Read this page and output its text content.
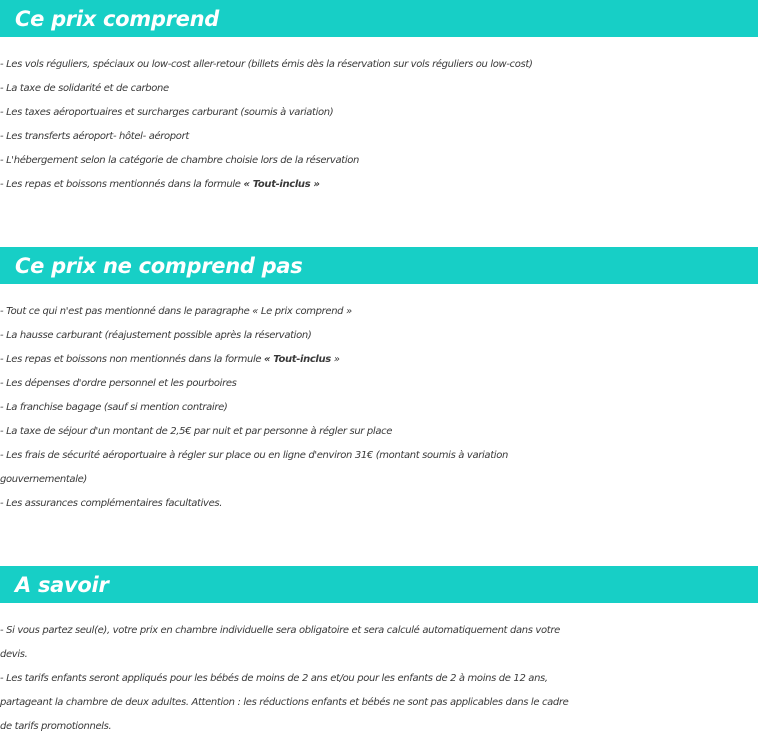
Ce prix comprend
- Les vols réguliers, spéciaux ou low-cost aller-retour (billets émis dès la réservation sur vols réguliers ou low-cost)
- La taxe de solidarité et de carbone
- Les taxes aéroportuaires et surcharges carburant (soumis à variation)
- Les transferts aéroport- hôtel- aéroport
- L'hébergement selon la catégorie de chambre choisie lors de la réservation
- Les repas et boissons mentionnés dans la formule « Tout-inclus »
Ce prix ne comprend pas
- Tout ce qui n'est pas mentionné dans le paragraphe « Le prix comprend »
- La hausse carburant (réajustement possible après la réservation)
- Les repas et boissons non mentionnés dans la formule « Tout-inclus »
- Les dépenses d'ordre personnel et les pourboires
- La franchise bagage (sauf si mention contraire)
- La taxe de séjour d'un montant de 2,5€ par nuit et par personne à régler sur place
- Les frais de sécurité aéroportuaire à régler sur place ou en ligne d'environ 31€ (montant soumis à variation
gouvernementale)
- Les assurances complémentaires facultatives.
A savoir
- Si vous partez seul(e), votre prix en chambre individuelle sera obligatoire et sera calculé automatiquement dans votre
devis.
- Les tarifs enfants seront appliqués pour les bébés de moins de 2 ans et/ou pour les enfants de 2 à moins de 12 ans,
partageant la chambre de deux adultes. Attention : les réductions enfants et bébés ne sont pas applicables dans le cadre
de tarifs promotionnels.
